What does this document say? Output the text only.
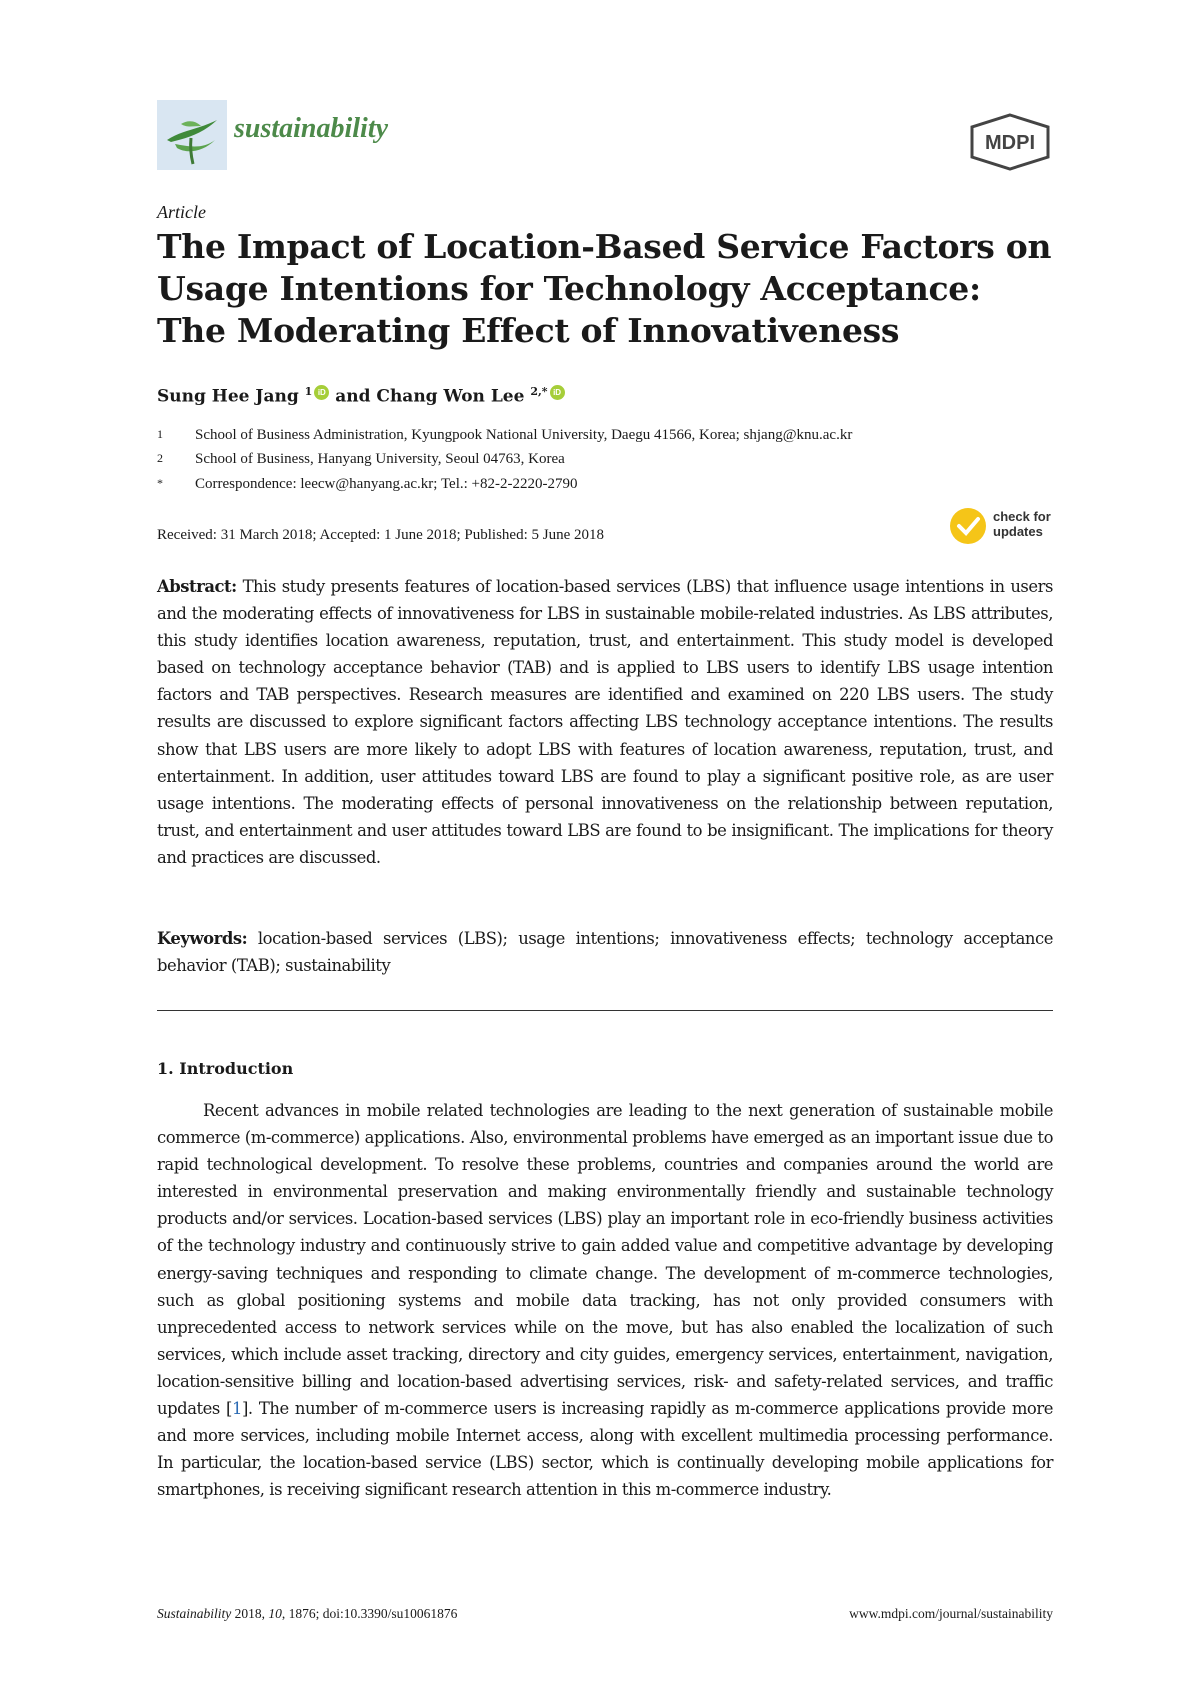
sustainability	MDPI
Article
The Impact of Location-Based Service Factors on Usage Intentions for Technology Acceptance: The Moderating Effect of Innovativeness
Sung Hee Jang $^1$ iD and Chang Won Lee $^{2,*}$ iD
1 School of Business Administration, Kyungpook National University, Daegu 41566, Korea; shjang@knu.ac.kr
2 School of Business, Hanyang University, Seoul 04763, Korea
* Correspondence: leecw@hanyang.ac.kr; Tel.: +82-2-2220-2790
Received: 31 March 2018; Accepted: 1 June 2018; Published: 5 June 2018
check for
updates
Abstract: This study presents features of location-based services (LBS) that influence usage intentions in users and the moderating effects of innovativeness for LBS in sustainable mobile-related industries. As LBS attributes, this study identifies location awareness, reputation, trust, and entertainment. This study model is developed based on technology acceptance behavior (TAB) and is applied to LBS users to identify LBS usage intention factors and TAB perspectives. Research measures are identified and examined on 220 LBS users. The study results are discussed to explore significant factors affecting LBS technology acceptance intentions. The results show that LBS users are more likely to adopt LBS with features of location awareness, reputation, trust, and entertainment. In addition, user attitudes toward LBS are found to play a significant positive role, as are user usage intentions. The moderating effects of personal innovativeness on the relationship between reputation, trust, and entertainment and user attitudes toward LBS are found to be insignificant. The implications for theory and practices are discussed.
Keywords: location-based services (LBS); usage intentions; innovativeness effects; technology acceptance behavior (TAB); sustainability
1. Introduction
Recent advances in mobile related technologies are leading to the next generation of sustainable mobile commerce (m-commerce) applications. Also, environmental problems have emerged as an important issue due to rapid technological development. To resolve these problems, countries and companies around the world are interested in environmental preservation and making environmentally friendly and sustainable technology products and/or services. Location-based services (LBS) play an important role in eco-friendly business activities of the technology industry and continuously strive to gain added value and competitive advantage by developing energy-saving techniques and responding to climate change. The development of m-commerce technologies, such as global positioning systems and mobile data tracking, has not only provided consumers with unprecedented access to network services while on the move, but has also enabled the localization of such services, which include asset tracking, directory and city guides, emergency services, entertainment, navigation, location-sensitive billing and location-based advertising services, risk- and safety-related services, and traffic updates [1]. The number of m-commerce users is increasing rapidly as m-commerce applications provide more and more services, including mobile Internet access, along with excellent multimedia processing performance. In particular, the location-based service (LBS) sector, which is continually developing mobile applications for smartphones, is receiving significant research attention in this m-commerce industry.
Sustainability 2018, 10, 1876; doi:10.3390/su10061876	www.mdpi.com/journal/sustainability
